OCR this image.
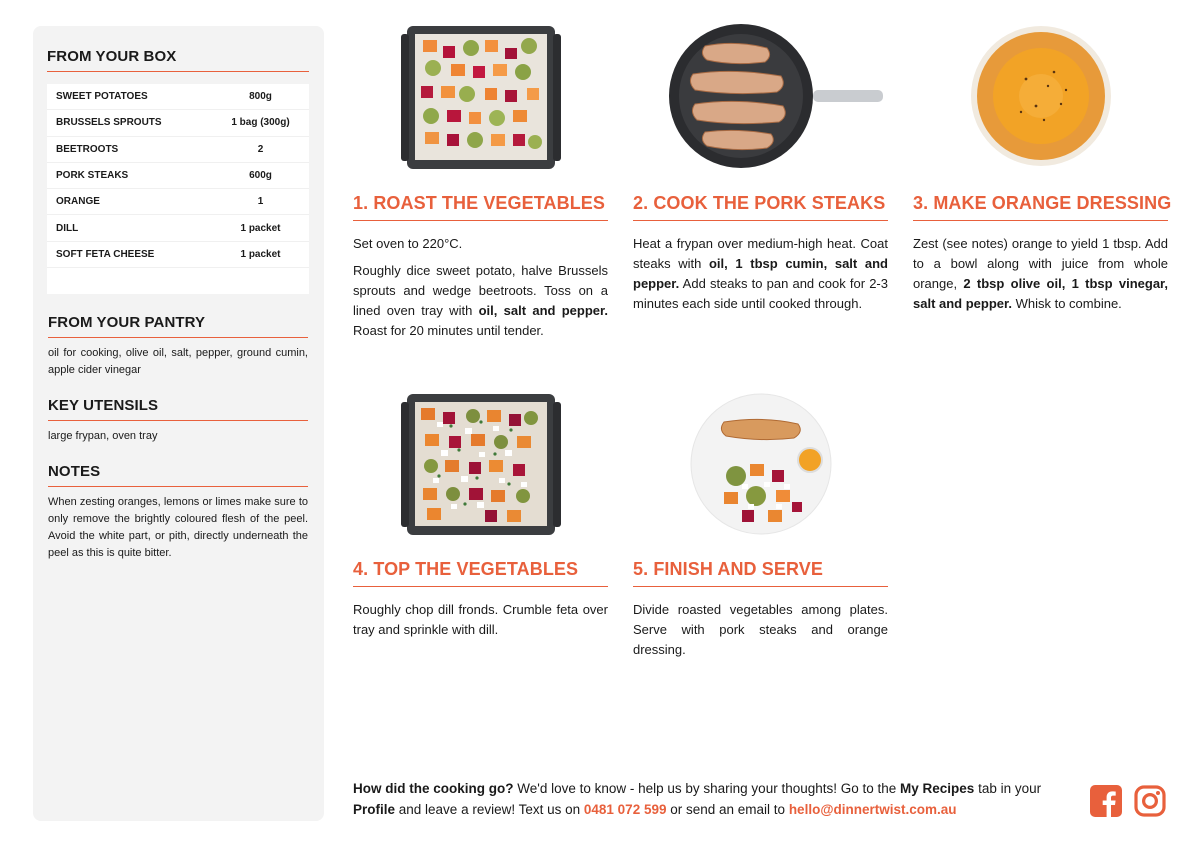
FROM YOUR BOX
SWEET POTATOES	800g
BRUSSELS SPROUTS	1 bag (300g)
BEETROOTS	2
PORK STEAKS	600g
ORANGE	1
DILL	1 packet
SOFT FETA CHEESE	1 packet
FROM YOUR PANTRY

oil for cooking, olive oil, salt, pepper, ground cumin, apple cider vinegar

KEY UTENSILS

large frypan, oven tray

NOTES

When zesting oranges, lemons or limes make sure to only remove the brightly coloured flesh of the peel. Avoid the white part, or pith, directly underneath the peel as this is quite bitter.

1. ROAST THE VEGETABLES

Set oven to 220°C.

Roughly dice sweet potato, halve Brussels sprouts and wedge beetroots. Toss on a lined oven tray with oil, salt and pepper. Roast for 20 minutes until tender.

2. COOK THE PORK STEAKS

Heat a frypan over medium-high heat. Coat steaks with oil, 1 tbsp cumin, salt and pepper. Add steaks to pan and cook for 2-3 minutes each side until cooked through.

3. MAKE ORANGE DRESSING

Zest (see notes) orange to yield 1 tbsp. Add to a bowl along with juice from whole orange, 2 tbsp olive oil, 1 tbsp vinegar, salt and pepper. Whisk to combine.

4. TOP THE VEGETABLES

Roughly chop dill fronds. Crumble feta over tray and sprinkle with dill.

5. FINISH AND SERVE

Divide roasted vegetables among plates. Serve with pork steaks and orange dressing.

How did the cooking go? We'd love to know - help us by sharing your thoughts! Go to the My Recipes tab in your Profile and leave a review! Text us on 0481 072 599 or send an email to hello@dinnertwist.com.au
